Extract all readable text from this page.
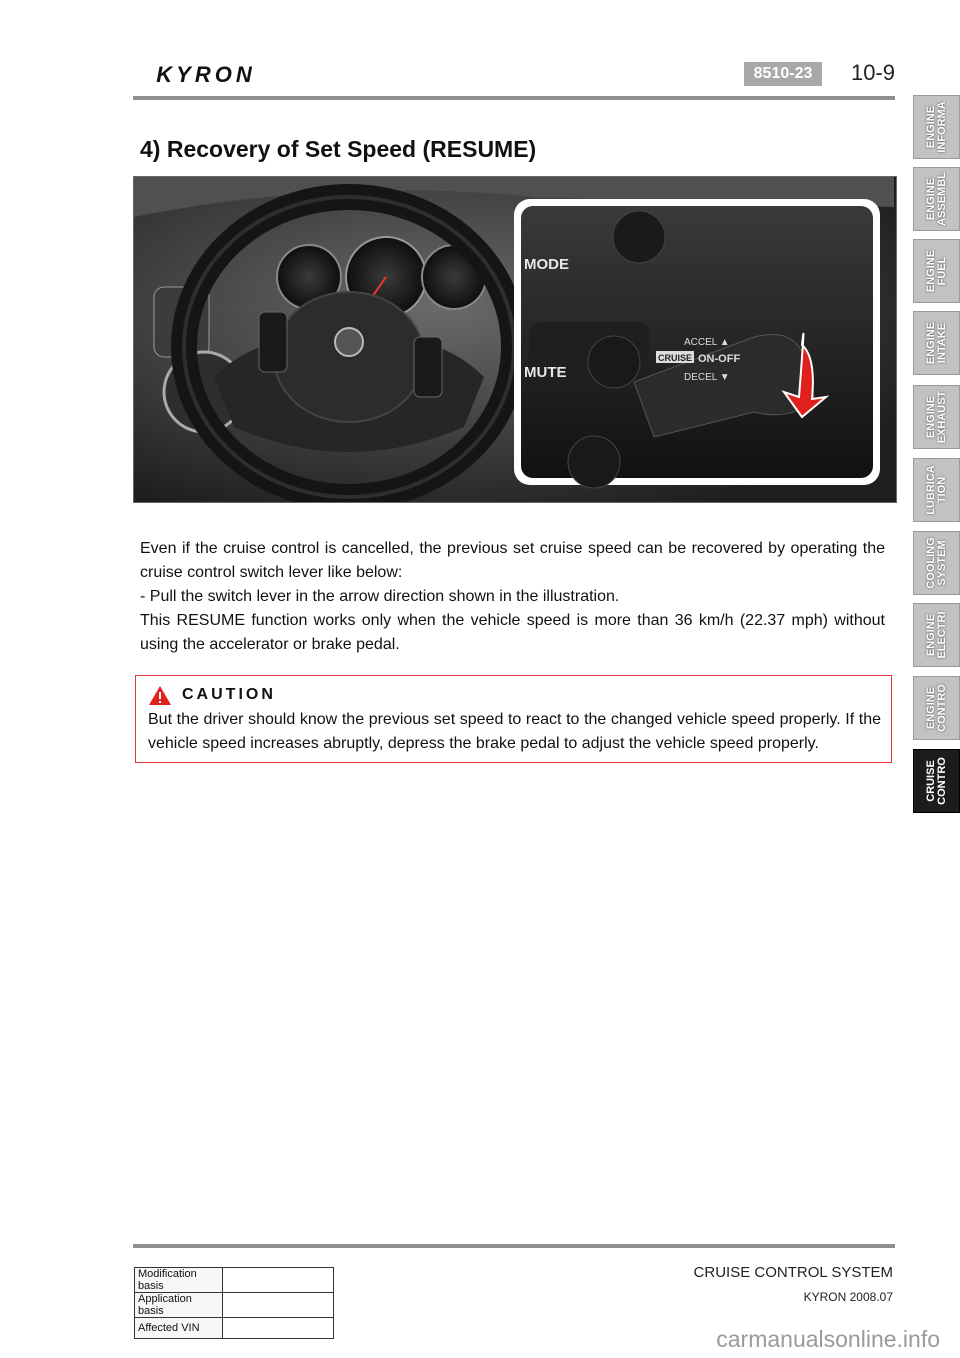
KYRON	8510-23	10-9
4) Recovery of Set Speed (RESUME)
MODE
MUTE
ACCEL ▲
CRUISE ON-OFF
DECEL ▼

Even if the cruise control is cancelled, the previous set cruise speed can be recovered by operating the cruise control switch lever like below:

- Pull the switch lever in the arrow direction shown in the illustration.

This RESUME function works only when the vehicle speed is more than 36 km/h (22.37 mph) without using the accelerator or brake pedal.

CAUTION
But the driver should know the previous set speed to react to the changed vehicle speed properly. If the vehicle speed increases abruptly, depress the brake pedal to adjust the vehicle speed properly.
ENGINE INFORMA
ENGINE ASSEMBL
ENGINE FUEL
ENGINE INTAKE
ENGINE EXHAUST
LUBRICA TION
COOLING SYSTEM
ENGINE ELECTRI
ENGINE CONTRO
CRUISE CONTRO
CRUISE CONTROL SYSTEM
KYRON 2008.07
Modification basis	
Application basis	
Affected VIN		carmanualsonline.info
